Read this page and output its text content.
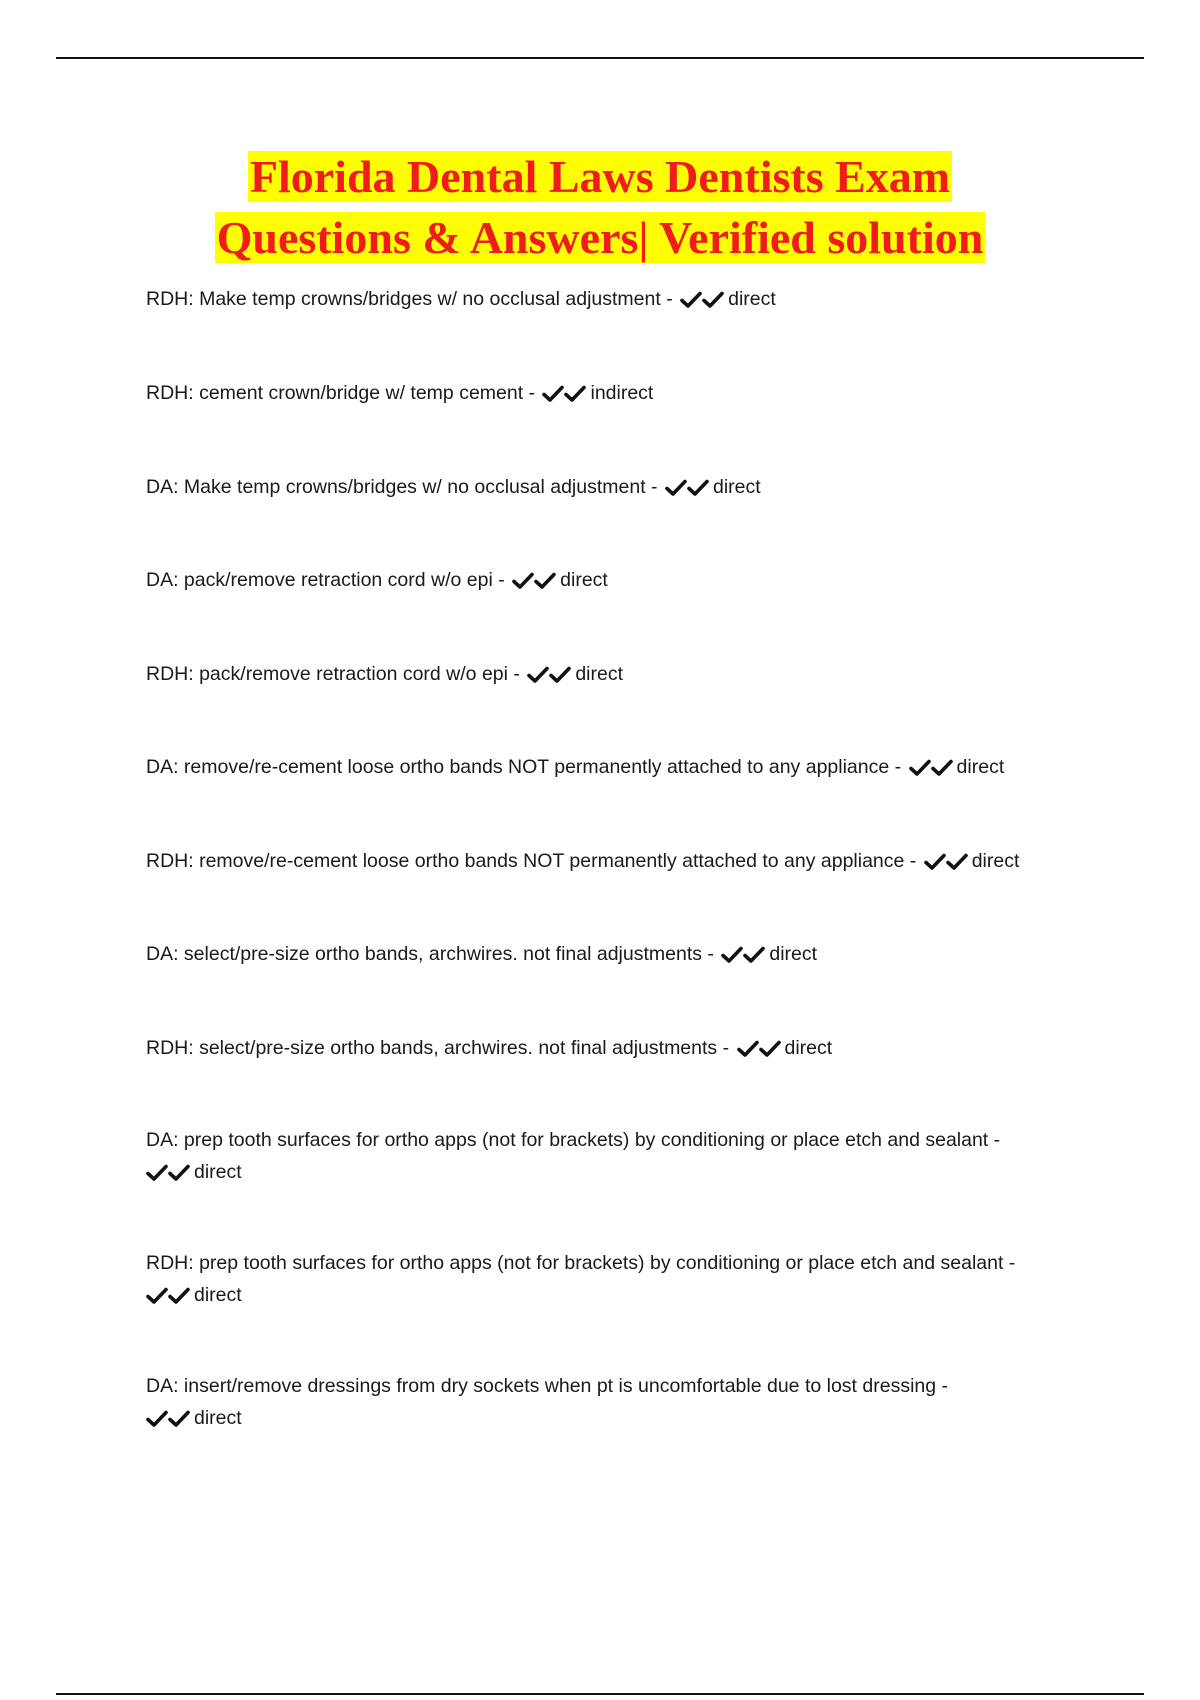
Florida Dental Laws Dentists Exam
Questions & Answers| Verified solution
RDH: Make temp crowns/bridges w/ no occlusal adjustment -	direct
RDH: cement crown/bridge w/ temp cement -	indirect
DA: Make temp crowns/bridges w/ no occlusal adjustment -	direct
DA: pack/remove retraction cord w/o epi -	direct
RDH: pack/remove retraction cord w/o epi -	direct
DA: remove/re-cement loose ortho bands NOT permanently attached to any appliance -	direct
RDH: remove/re-cement loose ortho bands NOT permanently attached to any appliance -	direct
DA: select/pre-size ortho bands, archwires. not final adjustments -	direct
RDH: select/pre-size ortho bands, archwires. not final adjustments -	direct
DA: prep tooth surfaces for ortho apps (not for brackets) by conditioning or place etch and sealant -
direct
RDH: prep tooth surfaces for ortho apps (not for brackets) by conditioning or place etch and sealant -
direct
DA: insert/remove dressings from dry sockets when pt is uncomfortable due to lost dressing -
direct
